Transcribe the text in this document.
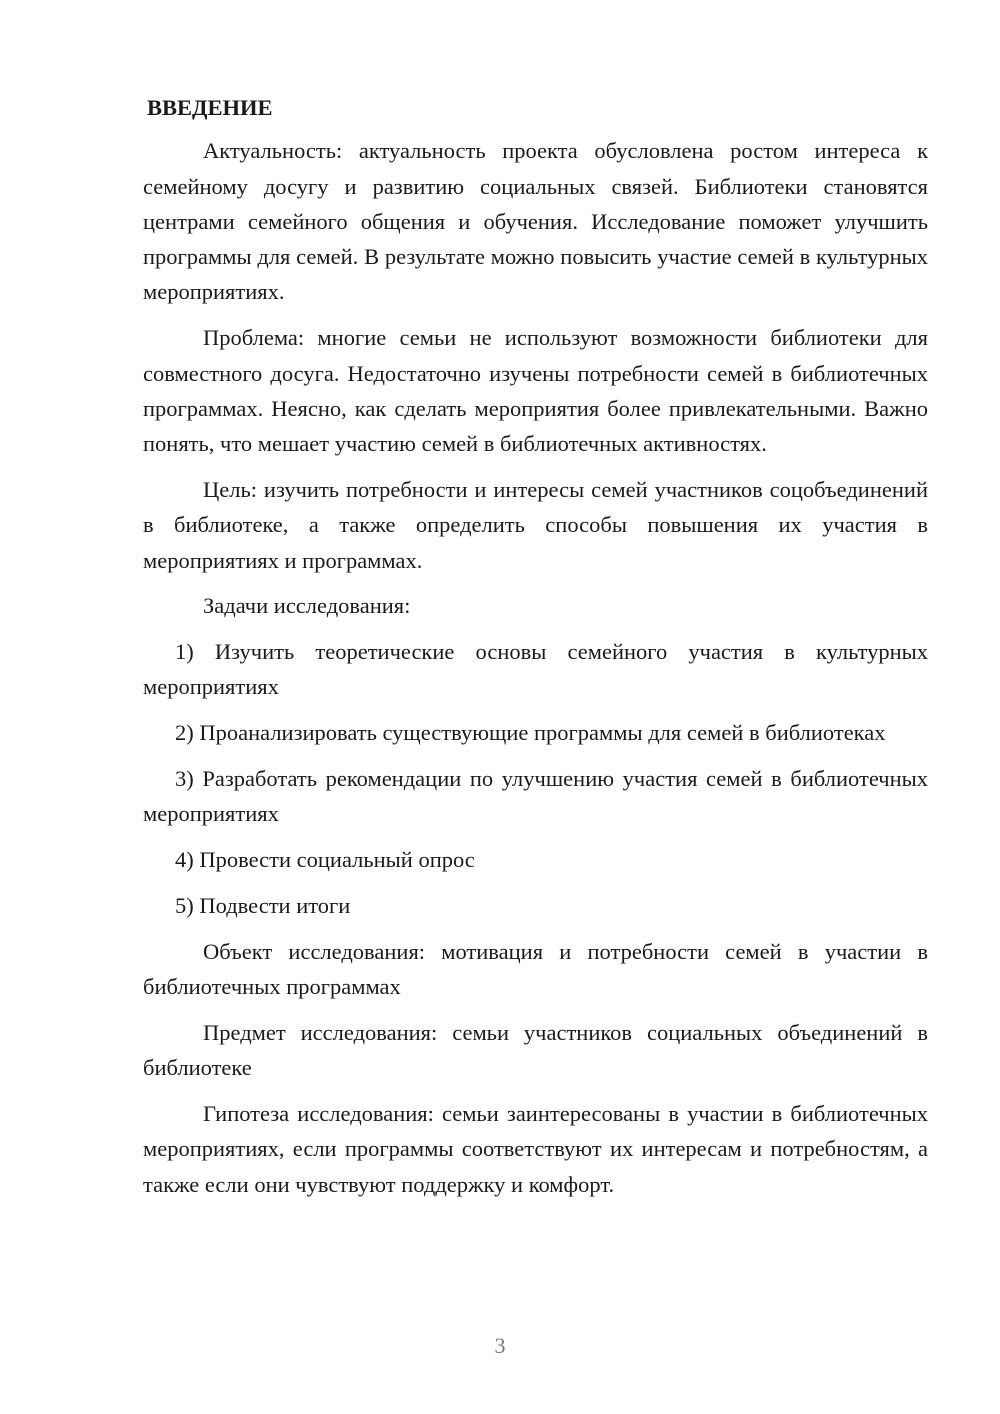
ВВЕДЕНИЕ

Актуальность: актуальность проекта обусловлена ростом интереса к семейному досугу и развитию социальных связей. Библиотеки становятся центрами семейного общения и обучения. Исследование поможет улучшить программы для семей. В результате можно повысить участие семей в культурных мероприятиях.

Проблема: многие семьи не используют возможности библиотеки для совместного досуга. Недостаточно изучены потребности семей в библиотечных программах. Неясно, как сделать мероприятия более привлекательными. Важно понять, что мешает участию семей в библиотечных активностях.

Цель: изучить потребности и интересы семей участников соцобъединений в библиотеке, а также определить способы повышения их участия в мероприятиях и программах.

Задачи исследования:

1) Изучить теоретические основы семейного участия в культурных мероприятиях

2) Проанализировать существующие программы для семей в библиотеках

3) Разработать рекомендации по улучшению участия семей в библиотечных мероприятиях

4) Провести социальный опрос

5) Подвести итоги

Объект исследования: мотивация и потребности семей в участии в библиотечных программах

Предмет исследования: семьи участников социальных объединений в библиотеке

Гипотеза исследования: семьи заинтересованы в участии в библиотечных мероприятиях, если программы соответствуют их интересам и потребностям, а также если они чувствуют поддержку и комфорт.

3
